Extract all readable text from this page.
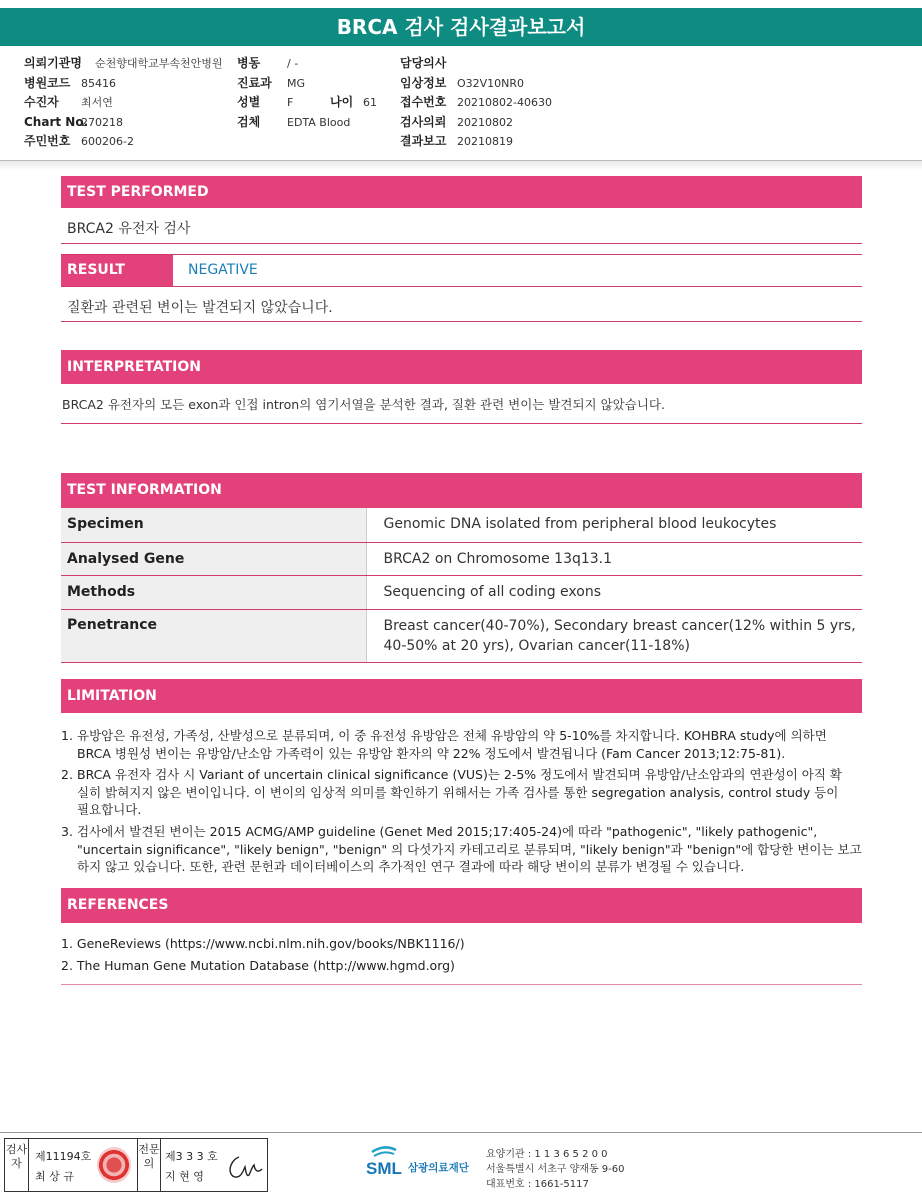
BRCA 검사 검사결과보고서
의뢰기관명 순천향대학교부속천안병원
병원코드 85416
수진자 최서연
Chart No.270218
주민번호 600206-2
병동 / -
진료과 MG
성별 F	나이 61
검체 EDTA Blood
담당의사
임상정보 O32V10NR0
접수번호 20210802-40630
검사의뢰 20210802
결과보고 20210819
TEST PERFORMED
BRCA2 유전자 검사
RESULT	NEGATIVE
질환과 관련된 변이는 발견되지 않았습니다.
INTERPRETATION
BRCA2 유전자의 모든 exon과 인접 intron의 염기서열을 분석한 결과, 질환 관련 변이는 발견되지 않았습니다.
TEST INFORMATION
Specimen	Genomic DNA isolated from peripheral blood leukocytes
Analysed Gene	BRCA2 on Chromosome 13q13.1
Methods	Sequencing of all coding exons
Penetrance	Breast cancer(40-70%), Secondary breast cancer(12% within 5 yrs, 40-50% at 20 yrs), Ovarian cancer(11-18%)
LIMITATION
1. 유방암은 유전성, 가족성, 산발성으로 분류되며, 이 중 유전성 유방암은 전체 유방암의 약 5-10%를 차지합니다. KOHBRA study에 의하면
BRCA 병원성 변이는 유방암/난소암 가족력이 있는 유방암 환자의 약 22% 정도에서 발견됩니다 (Fam Cancer 2013;12:75-81).
2. BRCA 유전자 검사 시 Variant of uncertain clinical significance (VUS)는 2-5% 정도에서 발견되며 유방암/난소암과의 연관성이 아직 확
실히 밝혀지지 않은 변이입니다. 이 변이의 임상적 의미를 확인하기 위해서는 가족 검사를 통한 segregation analysis, control study 등이
필요합니다.
3. 검사에서 발견된 변이는 2015 ACMG/AMP guideline (Genet Med 2015;17:405-24)에 따라 "pathogenic", "likely pathogenic",
"uncertain significance", "likely benign", "benign" 의 다섯가지 카테고리로 분류되며, "likely benign"과 "benign"에 합당한 변이는 보고
하지 않고 있습니다. 또한, 관련 문헌과 데이터베이스의 추가적인 연구 결과에 따라 해당 변이의 분류가 변경될 수 있습니다.
REFERENCES
1. GeneReviews (https://www.ncbi.nlm.nih.gov/books/NBK1116/)
2. The Human Gene Mutation Database (http://www.hgmd.org)
검사자
제11194호
최 상 규
전문의
제3 3 3 호
지 현 영	SML 삼광의료재단
요양기관 : 1 1 3 6 5 2 0 0
서울특별시 서초구 양재동 9-60
대표번호 : 1661-5117
